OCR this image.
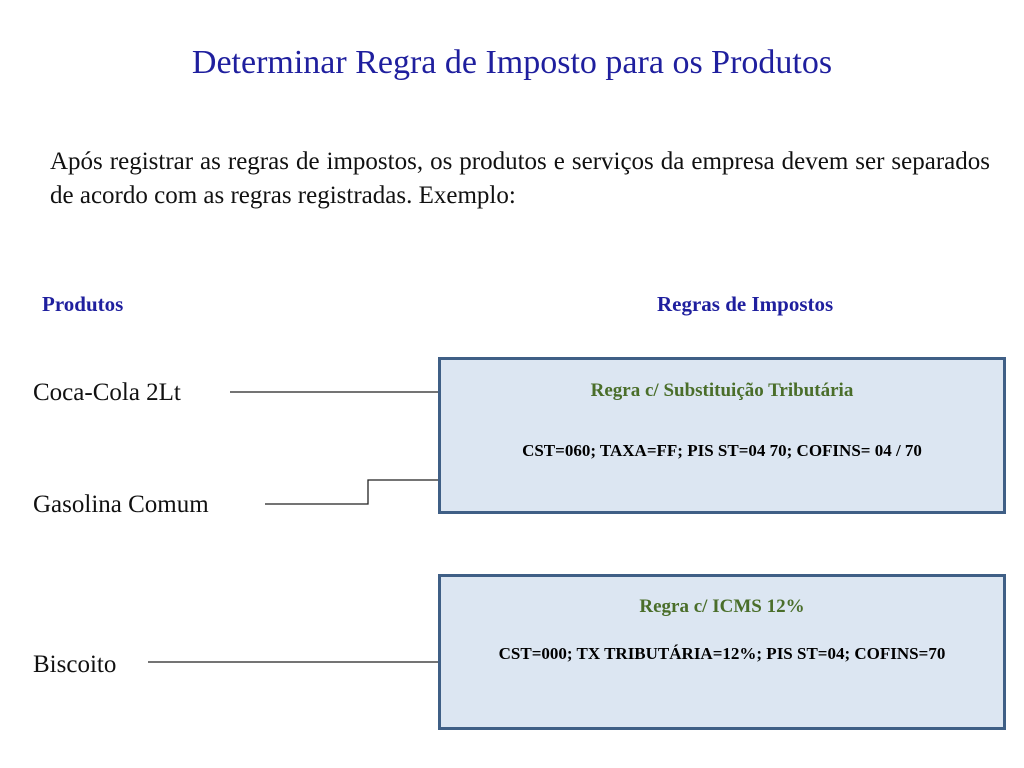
Determinar Regra de Imposto para os Produtos
Após registrar as regras de impostos, os produtos e serviços da empresa devem ser separados de acordo com as regras registradas. Exemplo:
Produtos	Regras de Impostos
Coca-Cola 2Lt
Gasolina Comum
Biscoito
Regra c/ Substituição Tributária
CST=060; TAXA=FF; PIS ST=04 70; COFINS= 04 / 70
Regra c/ ICMS 12%
CST=000; TX TRIBUTÁRIA=12%; PIS ST=04; COFINS=70
